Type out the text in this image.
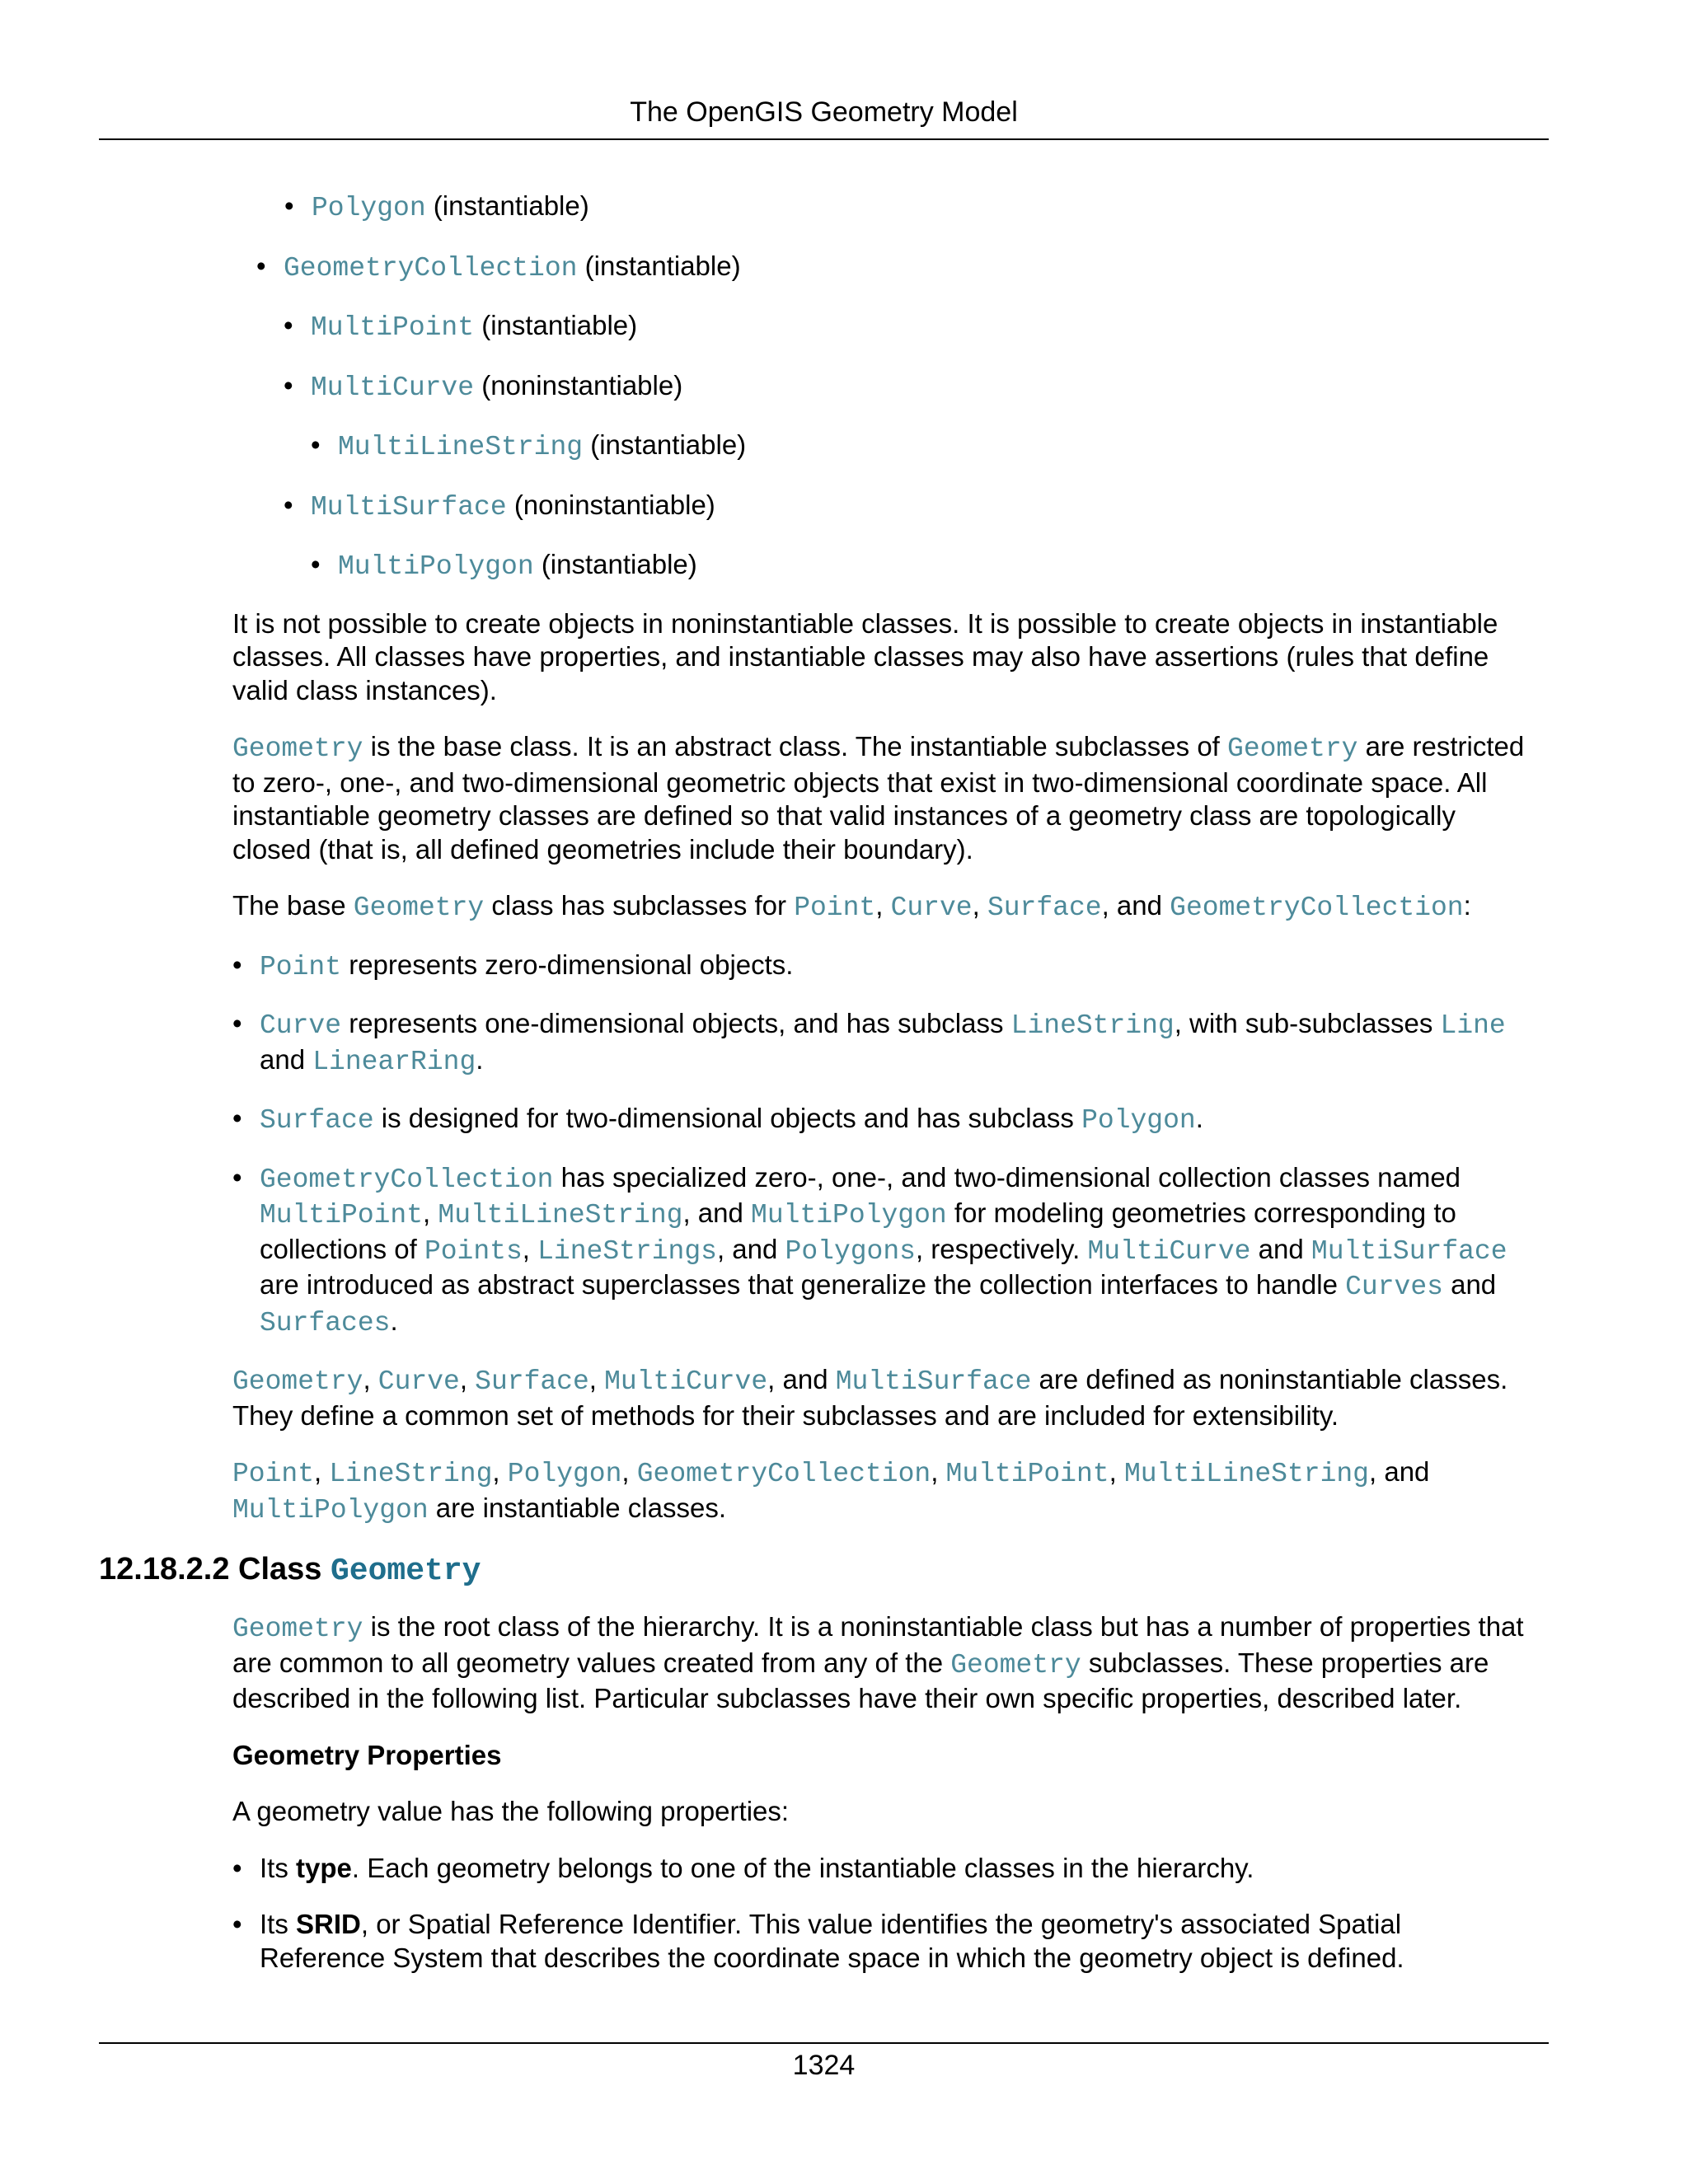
The OpenGIS Geometry Model
• Polygon (instantiable)
• GeometryCollection (instantiable)
• MultiPoint (instantiable)
• MultiCurve (noninstantiable)
• MultiLineString (instantiable)
• MultiSurface (noninstantiable)
• MultiPolygon (instantiable)

It is not possible to create objects in noninstantiable classes. It is possible to create objects in instantiable classes. All classes have properties, and instantiable classes may also have assertions (rules that define valid class instances).

Geometry is the base class. It is an abstract class. The instantiable subclasses of Geometry are restricted to zero-, one-, and two-dimensional geometric objects that exist in two-dimensional coordinate space. All instantiable geometry classes are defined so that valid instances of a geometry class are topologically closed (that is, all defined geometries include their boundary).

The base Geometry class has subclasses for Point, Curve, Surface, and GeometryCollection:

• Point represents zero-dimensional objects.
• Curve represents one-dimensional objects, and has subclass LineString, with sub-subclasses Line and LinearRing.
• Surface is designed for two-dimensional objects and has subclass Polygon.
• GeometryCollection has specialized zero-, one-, and two-dimensional collection classes named MultiPoint, MultiLineString, and MultiPolygon for modeling geometries corresponding to collections of Points, LineStrings, and Polygons, respectively. MultiCurve and MultiSurface are introduced as abstract superclasses that generalize the collection interfaces to handle Curves and Surfaces.

Geometry, Curve, Surface, MultiCurve, and MultiSurface are defined as noninstantiable classes. They define a common set of methods for their subclasses and are included for extensibility.

Point, LineString, Polygon, GeometryCollection, MultiPoint, MultiLineString, and MultiPolygon are instantiable classes.

12.18.2.2 Class Geometry

Geometry is the root class of the hierarchy. It is a noninstantiable class but has a number of properties that are common to all geometry values created from any of the Geometry subclasses. These properties are described in the following list. Particular subclasses have their own specific properties, described later.

Geometry Properties

A geometry value has the following properties:

• Its type. Each geometry belongs to one of the instantiable classes in the hierarchy.
• Its SRID, or Spatial Reference Identifier. This value identifies the geometry's associated Spatial Reference System that describes the coordinate space in which the geometry object is defined.
1324
